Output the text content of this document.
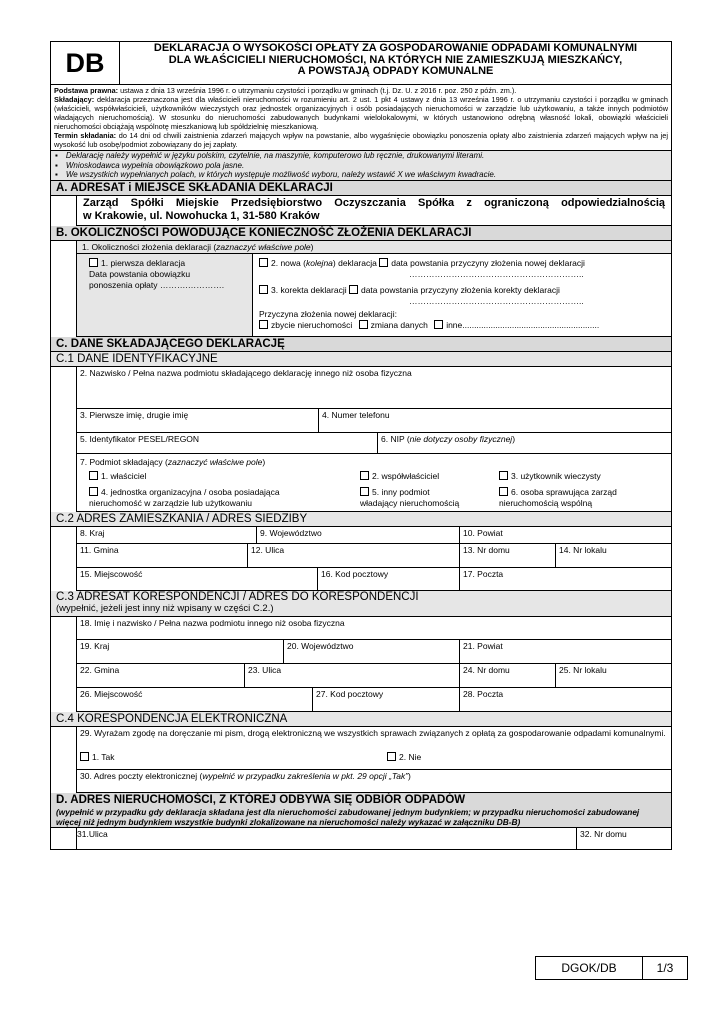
DB	DEKLARACJA O WYSOKOŚCI OPŁATY ZA GOSPODAROWANIE ODPADAMI KOMUNALNYMI
DLA WŁAŚCICIELI NIERUCHOMOŚCI, NA KTÓRYCH NIE ZAMIESZKUJĄ MIESZKAŃCY,
A POWSTAJĄ ODPADY KOMUNALNE
Podstawa prawna: ustawa z dnia 13 września 1996 r. o utrzymaniu czystości i porządku w gminach (t.j. Dz. U. z 2016 r. poz. 250 z późn. zm.).
Składający: deklaracja przeznaczona jest dla właścicieli nieruchomości w rozumieniu art. 2 ust. 1 pkt 4 ustawy z dnia 13 września 1996 r. o utrzymaniu czystości i porządku w gminach (właścicieli, współwłaścicieli, użytkowników wieczystych oraz jednostek organizacyjnych i osób posiadających nieruchomości w zarządzie lub użytkowaniu, a także innych podmiotów władających nieruchomością). W stosunku do nieruchomości zabudowanych budynkami wielolokalowymi, w których ustanowiono odrębną własność lokali, obowiązki właścicieli nieruchomości obciążają wspólnotę mieszkaniową lub spółdzielnię mieszkaniową.
Termin składania: do 14 dni od chwili zaistnienia zdarzeń mających wpływ na powstanie, albo wygaśnięcie obowiązku ponoszenia opłaty albo zaistnienia zdarzeń mających wpływ na jej wysokość lub osobę/podmiot zobowiązany do jej zapłaty.
▪ Deklarację należy wypełnić w języku polskim, czytelnie, na maszynie, komputerowo lub ręcznie, drukowanymi literami.
▪ Wnioskodawca wypełnia obowiązkowo pola jasne.
▪ We wszystkich wypełnianych polach, w których występuje możliwość wyboru, należy wstawić X we właściwym kwadracie.
A. ADRESAT i MIEJSCE SKŁADANIA DEKLARACJI
Zarząd Spółki Miejskie Przedsiębiorstwo Oczyszczania Spółka z ograniczoną odpowiedzialnością
w Krakowie, ul. Nowohucka 1, 31-580 Kraków
B. OKOLICZNOŚCI POWODUJĄCE KONIECZNOŚĆ ZŁOŻENIA DEKLARACJI
1. Okoliczności złożenia deklaracji (zaznaczyć właściwe pole)
1. pierwsza deklaracja
Data powstania obowiązku
ponoszenia opłaty ……….………….
2. nowa (kolejna) deklaracja data powstania przyczyny złożenia nowej deklaracji
……………………………………………………..
3. korekta deklaracji data powstania przyczyny złożenia korekty deklaracji
……………………………………………………..
Przyczyna złożenia nowej deklaracji:
zbycie nieruchomości zmiana danych inne..........................................................
C. DANE SKŁADAJĄCEGO DEKLARACJĘ
C.1 DANE IDENTYFIKACYJNE
2. Nazwisko / Pełna nazwa podmiotu składającego deklarację innego niż osoba fizyczna
3. Pierwsze imię, drugie imię	4. Numer telefonu
5. Identyfikator PESEL/REGON	6. NIP (nie dotyczy osoby fizycznej)
7. Podmiot składający (zaznaczyć właściwe pole)
1. właściciel	2. współwłaściciel	3. użytkownik wieczysty
4. jednostka organizacyjna / osoba posiadająca
nieruchomość w zarządzie lub użytkowaniu
5. inny podmiot
władający nieruchomością
6. osoba sprawująca zarząd
nieruchomością wspólną
C.2 ADRES ZAMIESZKANIA / ADRES SIEDZIBY
8. Kraj	9. Województwo	10. Powiat
11. Gmina	12. Ulica	13. Nr domu	14. Nr lokalu
15. Miejscowość	16. Kod pocztowy	17. Poczta
C.3 ADRESAT KORESPONDENCJI / ADRES DO KORESPONDENCJI
(wypełnić, jeżeli jest inny niż wpisany w części C.2.)
18. Imię i nazwisko / Pełna nazwa podmiotu innego niż osoba fizyczna
19. Kraj	20. Województwo	21. Powiat
22. Gmina	23. Ulica	24. Nr domu	25. Nr lokalu
26. Miejscowość	27. Kod pocztowy	28. Poczta
C.4 KORESPONDENCJA ELEKTRONICZNA
29. Wyrażam zgodę na doręczanie mi pism, drogą elektroniczną we wszystkich sprawach związanych z opłatą za gospodarowanie odpadami komunalnymi.
1. Tak	2. Nie
30. Adres poczty elektronicznej (wypełnić w przypadku zakreślenia w pkt. 29 opcji „Tak”)
D. ADRES NIERUCHOMOŚCI, Z KTÓREJ ODBYWA SIĘ ODBIÓR ODPADÓW
(wypełnić w przypadku gdy deklaracja składana jest dla nieruchomości zabudowanej jednym budynkiem; w przypadku nieruchomości zabudowanej więcej niż jednym budynkiem wszystkie budynki zlokalizowane na nieruchomości należy wykazać w załączniku DB-B)
31.Ulica	32. Nr domu
DGOK/DB	1/3
